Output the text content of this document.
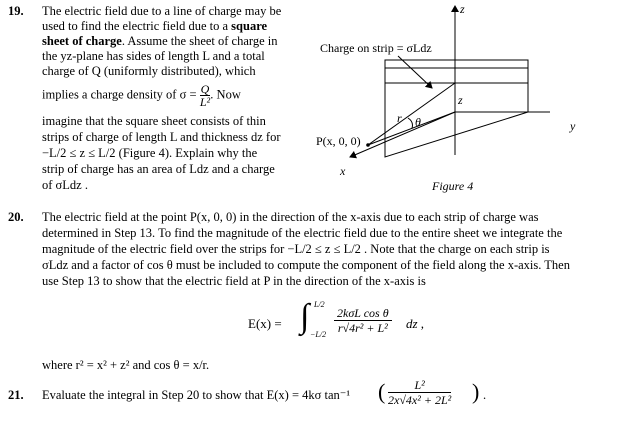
19. The electric field due to a line of charge may be
used to find the electric field due to a square
sheet of charge. Assume the sheet of charge in
the yz-plane has sides of length L and a total
charge of Q (uniformly distributed), which
implies a charge density of $\sigma = \frac{Q}{\text{L²}}$ . Now
imagine that the square sheet consists of thin
strips of charge of length L and thickness dz for
−L/2 ≤ z ≤ L/2 (Figure 4). Explain why the
strip of charge has an area of Ldz and a charge
of σLdz .
z
y
Charge on strip = σLdz
θ
r
z
P(x, 0, 0)
x
Figure 4
20. The electric field at the point P(x, 0, 0) in the direction of the x-axis due to each strip of charge was
determined in Step 13. To find the magnitude of the electric field due to the entire sheet we integrate the
magnitude of the electric field over the strips for −L/2 ≤ z ≤ L/2 . Note that the charge on each strip is
σLdz and a factor of cos θ must be included to compute the component of the field along the x-axis. Then
use Step 13 to show that the electric field at P in the direction of the x-axis is
E(x) = ∫ L/2
−L/2
2kσL cos θ
r√4r² + L² dz ,
where r² = x² + z² and cos θ = x/r.
21. Evaluate the integral in Step 20 to show that E(x) = 4kσ tan⁻¹ ( $\frac{\text{L²}}{\text{2x√4x² + 2L²}}$ ) .
